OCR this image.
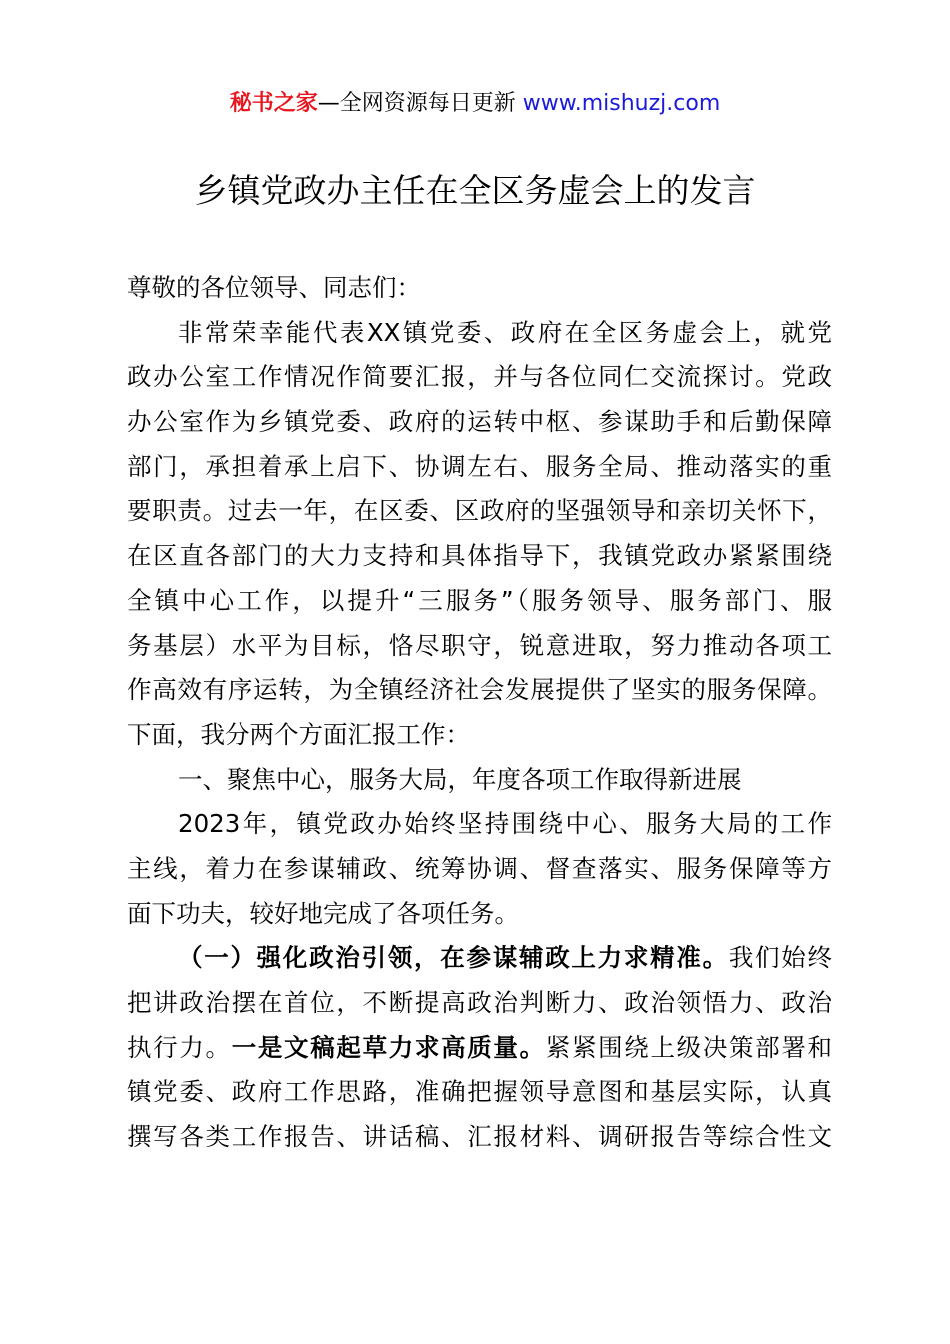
秘书之家—全网资源每日更新 www.mishuzj.com
乡镇党政办主任在全区务虚会上的发言
尊敬的各位领导、同志们：
非常荣幸能代表XX镇党委、政府在全区务虚会上，就党
政办公室工作情况作简要汇报，并与各位同仁交流探讨。党政
办公室作为乡镇党委、政府的运转中枢、参谋助手和后勤保障
部门，承担着承上启下、协调左右、服务全局、推动落实的重
要职责。过去一年，在区委、区政府的坚强领导和亲切关怀下，
在区直各部门的大力支持和具体指导下，我镇党政办紧紧围绕
全镇中心工作，以提升“三服务”（服务领导、服务部门、服
务基层）水平为目标，恪尽职守，锐意进取，努力推动各项工
作高效有序运转，为全镇经济社会发展提供了坚实的服务保障。
下面，我分两个方面汇报工作：
一、聚焦中心，服务大局，年度各项工作取得新进展
2023年，镇党政办始终坚持围绕中心、服务大局的工作
主线，着力在参谋辅政、统筹协调、督查落实、服务保障等方
面下功夫，较好地完成了各项任务。
（一）强化政治引领，在参谋辅政上力求精准。我们始终
把讲政治摆在首位，不断提高政治判断力、政治领悟力、政治
执行力。一是文稿起草力求高质量。紧紧围绕上级决策部署和
镇党委、政府工作思路，准确把握领导意图和基层实际，认真
撰写各类工作报告、讲话稿、汇报材料、调研报告等综合性文
